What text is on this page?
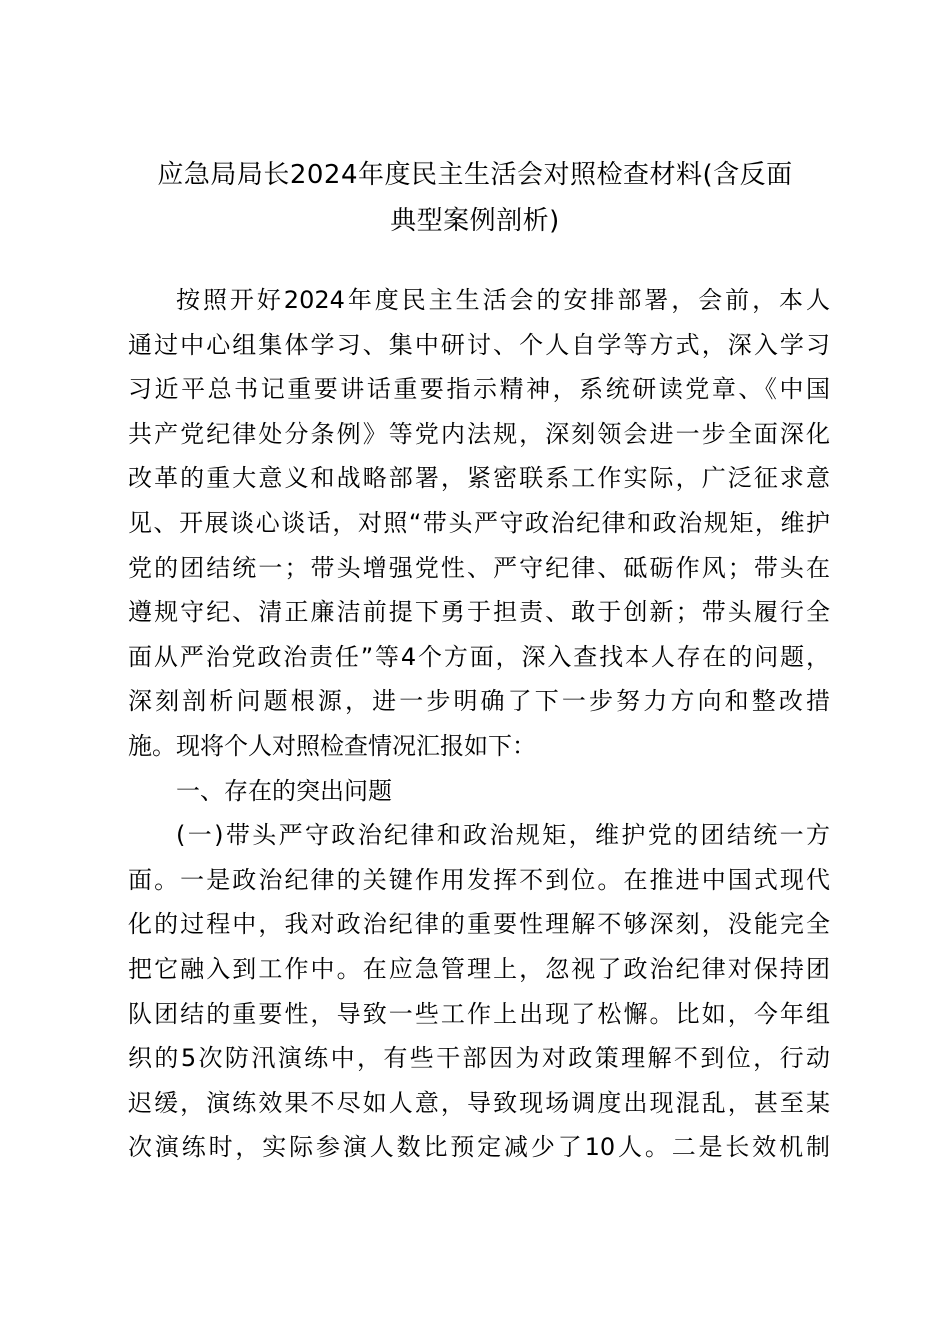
应急局局长2024年度民主生活会对照检查材料(含反面
典型案例剖析)
按照开好2024年度民主生活会的安排部署，会前，本人
通过中心组集体学习、集中研讨、个人自学等方式，深入学习
习近平总书记重要讲话重要指示精神，系统研读党章、《中国
共产党纪律处分条例》等党内法规，深刻领会进一步全面深化
改革的重大意义和战略部署，紧密联系工作实际，广泛征求意
见、开展谈心谈话，对照“带头严守政治纪律和政治规矩，维护
党的团结统一；带头增强党性、严守纪律、砥砺作风；带头在
遵规守纪、清正廉洁前提下勇于担责、敢于创新；带头履行全
面从严治党政治责任”等4个方面，深入查找本人存在的问题，
深刻剖析问题根源，进一步明确了下一步努力方向和整改措
施。现将个人对照检查情况汇报如下：
一、存在的突出问题
(一)带头严守政治纪律和政治规矩，维护党的团结统一方
面。一是政治纪律的关键作用发挥不到位。在推进中国式现代
化的过程中，我对政治纪律的重要性理解不够深刻，没能完全
把它融入到工作中。在应急管理上，忽视了政治纪律对保持团
队团结的重要性，导致一些工作上出现了松懈。比如，今年组
织的5次防汛演练中，有些干部因为对政策理解不到位，行动
迟缓，演练效果不尽如人意，导致现场调度出现混乱，甚至某
次演练时，实际参演人数比预定减少了10人。二是长效机制
